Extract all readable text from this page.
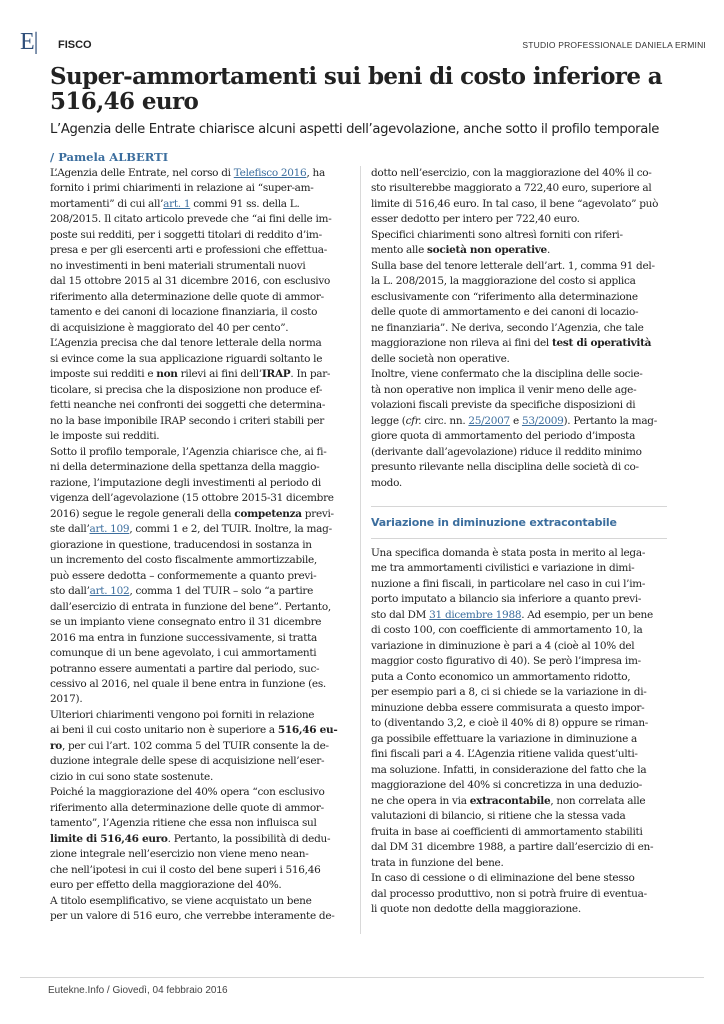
E| FISCO	STUDIO PROFESSIONALE DANIELA ERMINI
Super-ammortamenti sui beni di costo inferiore a
516,46 euro
L’Agenzia delle Entrate chiarisce alcuni aspetti dell’agevolazione, anche sotto il profilo temporale
/ Pamela ALBERTI

L’Agenzia delle Entrate, nel corso di Telefisco 2016, ha

fornito i primi chiarimenti in relazione ai “super-am-

mortamenti” di cui all’art. 1 commi 91 ss. della L.

208/2015. Il citato articolo prevede che “ai fini delle im-

poste sui redditi, per i soggetti titolari di reddito d’im-

presa e per gli esercenti arti e professioni che effettua-

no investimenti in beni materiali strumentali nuovi

dal 15 ottobre 2015 al 31 dicembre 2016, con esclusivo

riferimento alla determinazione delle quote di ammor-

tamento e dei canoni di locazione finanziaria, il costo

di acquisizione è maggiorato del 40 per cento”.

L’Agenzia precisa che dal tenore letterale della norma

si evince come la sua applicazione riguardi soltanto le

imposte sui redditi e non rilevi ai fini dell’IRAP. In par-

ticolare, si precisa che la disposizione non produce ef-

fetti neanche nei confronti dei soggetti che determina-

no la base imponibile IRAP secondo i criteri stabili per

le imposte sui redditi.

Sotto il profilo temporale, l’Agenzia chiarisce che, ai fi-

ni della determinazione della spettanza della maggio-

razione, l’imputazione degli investimenti al periodo di

vigenza dell’agevolazione (15 ottobre 2015-31 dicembre

2016) segue le regole generali della competenza previ-

ste dall’art. 109, commi 1 e 2, del TUIR. Inoltre, la mag-

giorazione in questione, traducendosi in sostanza in

un incremento del costo fiscalmente ammortizzabile,

può essere dedotta – conformemente a quanto previ-

sto dall’art. 102, comma 1 del TUIR – solo “a partire

dall’esercizio di entrata in funzione del bene”. Pertanto,

se un impianto viene consegnato entro il 31 dicembre

2016 ma entra in funzione successivamente, si tratta

comunque di un bene agevolato, i cui ammortamenti

potranno essere aumentati a partire dal periodo, suc-

cessivo al 2016, nel quale il bene entra in funzione (es.

2017).

Ulteriori chiarimenti vengono poi forniti in relazione

ai beni il cui costo unitario non è superiore a 516,46 eu-

ro, per cui l’art. 102 comma 5 del TUIR consente la de-

duzione integrale delle spese di acquisizione nell’eser-

cizio in cui sono state sostenute.

Poiché la maggiorazione del 40% opera “con esclusivo

riferimento alla determinazione delle quote di ammor-

tamento”, l’Agenzia ritiene che essa non influisca sul

limite di 516,46 euro. Pertanto, la possibilità di dedu-

zione integrale nell’esercizio non viene meno nean-

che nell’ipotesi in cui il costo del bene superi i 516,46

euro per effetto della maggiorazione del 40%.

A titolo esemplificativo, se viene acquistato un bene

per un valore di 516 euro, che verrebbe interamente de-

dotto nell’esercizio, con la maggiorazione del 40% il co-

sto risulterebbe maggiorato a 722,40 euro, superiore al

limite di 516,46 euro. In tal caso, il bene “agevolato” può

esser dedotto per intero per 722,40 euro.

Specifici chiarimenti sono altresì forniti con riferi-

mento alle società non operative.

Sulla base del tenore letterale dell’art. 1, comma 91 del-

la L. 208/2015, la maggiorazione del costo si applica

esclusivamente con “riferimento alla determinazione

delle quote di ammortamento e dei canoni di locazio-

ne finanziaria”. Ne deriva, secondo l’Agenzia, che tale

maggiorazione non rileva ai fini del test di operatività

delle società non operative.

Inoltre, viene confermato che la disciplina delle socie-

tà non operative non implica il venir meno delle age-

volazioni fiscali previste da specifiche disposizioni di

legge (cfr. circ. nn. 25/2007 e 53/2009). Pertanto la mag-

giore quota di ammortamento del periodo d’imposta

(derivante dall’agevolazione) riduce il reddito minimo

presunto rilevante nella disciplina delle società di co-

modo.

Variazione in diminuzione extracontabile

Una specifica domanda è stata posta in merito al lega-

me tra ammortamenti civilistici e variazione in dimi-

nuzione a fini fiscali, in particolare nel caso in cui l’im-

porto imputato a bilancio sia inferiore a quanto previ-

sto dal DM 31 dicembre 1988. Ad esempio, per un bene

di costo 100, con coefficiente di ammortamento 10, la

variazione in diminuzione è pari a 4 (cioè al 10% del

maggior costo figurativo di 40). Se però l’impresa im-

puta a Conto economico un ammortamento ridotto,

per esempio pari a 8, ci si chiede se la variazione in di-

minuzione debba essere commisurata a questo impor-

to (diventando 3,2, e cioè il 40% di 8) oppure se riman-

ga possibile effettuare la variazione in diminuzione a

fini fiscali pari a 4. L’Agenzia ritiene valida quest’ulti-

ma soluzione. Infatti, in considerazione del fatto che la

maggiorazione del 40% si concretizza in una deduzio-

ne che opera in via extracontabile, non correlata alle

valutazioni di bilancio, si ritiene che la stessa vada

fruita in base ai coefficienti di ammortamento stabiliti

dal DM 31 dicembre 1988, a partire dall’esercizio di en-

trata in funzione del bene.

In caso di cessione o di eliminazione del bene stesso

dal processo produttivo, non si potrà fruire di eventua-

li quote non dedotte della maggiorazione.

Eutekne.Info / Giovedì, 04 febbraio 2016
